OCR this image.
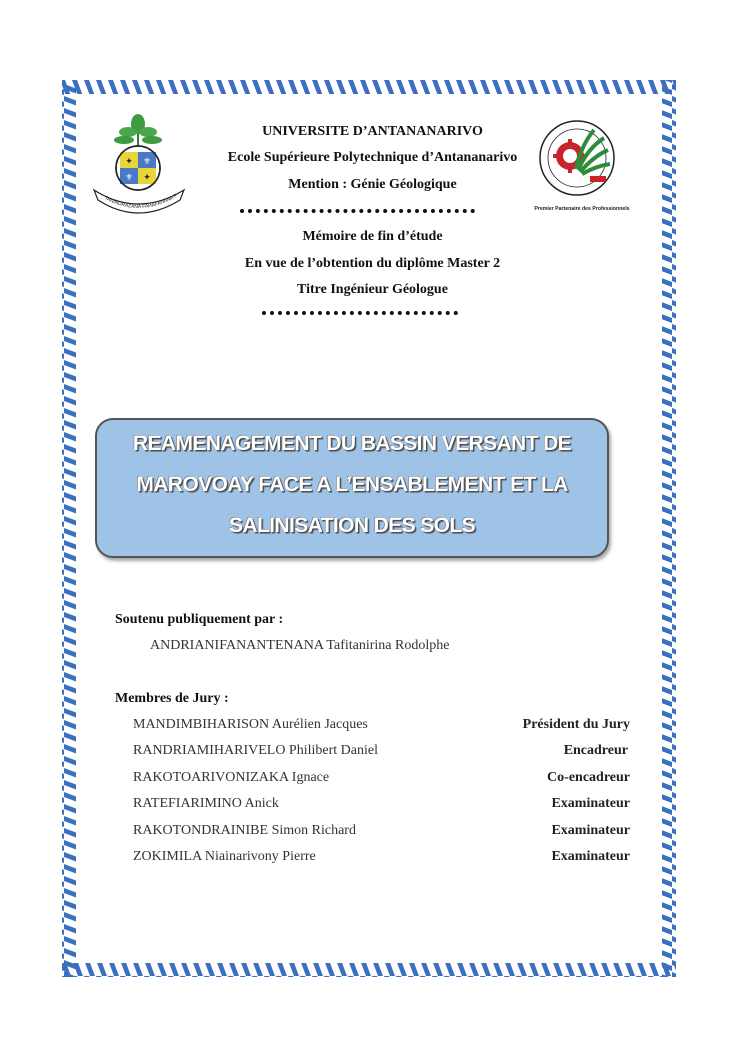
✦ ⚜
⚜ ✦
TANINDRAZANA FAHAFAHANA F
Premier Partenaire des Professionnels
UNIVERSITE D’ANTANANARIVO
Ecole Supérieure Polytechnique d’Antananarivo
Mention : Génie Géologique
Mémoire de fin d’étude
En vue de l’obtention du diplôme Master 2
Titre Ingénieur Géologue
REAMENAGEMENT DU BASSIN VERSANT DE
MAROVOAY FACE A L’ENSABLEMENT ET LA
SALINISATION DES SOLS
Soutenu publiquement par :
ANDRIANIFANANTENANA Tafitanirina Rodolphe
Membres de Jury :
MANDIMBIHARISON Aurélien Jacques	Président du Jury
RANDRIAMIHARIVELO Philibert Daniel	Encadreur
RAKOTOARIVONIZAKA Ignace	Co-encadreur
RATEFIARIMINO Anick	Examinateur
RAKOTONDRAINIBE Simon Richard	Examinateur
ZOKIMILA Niainarivony Pierre	Examinateur
